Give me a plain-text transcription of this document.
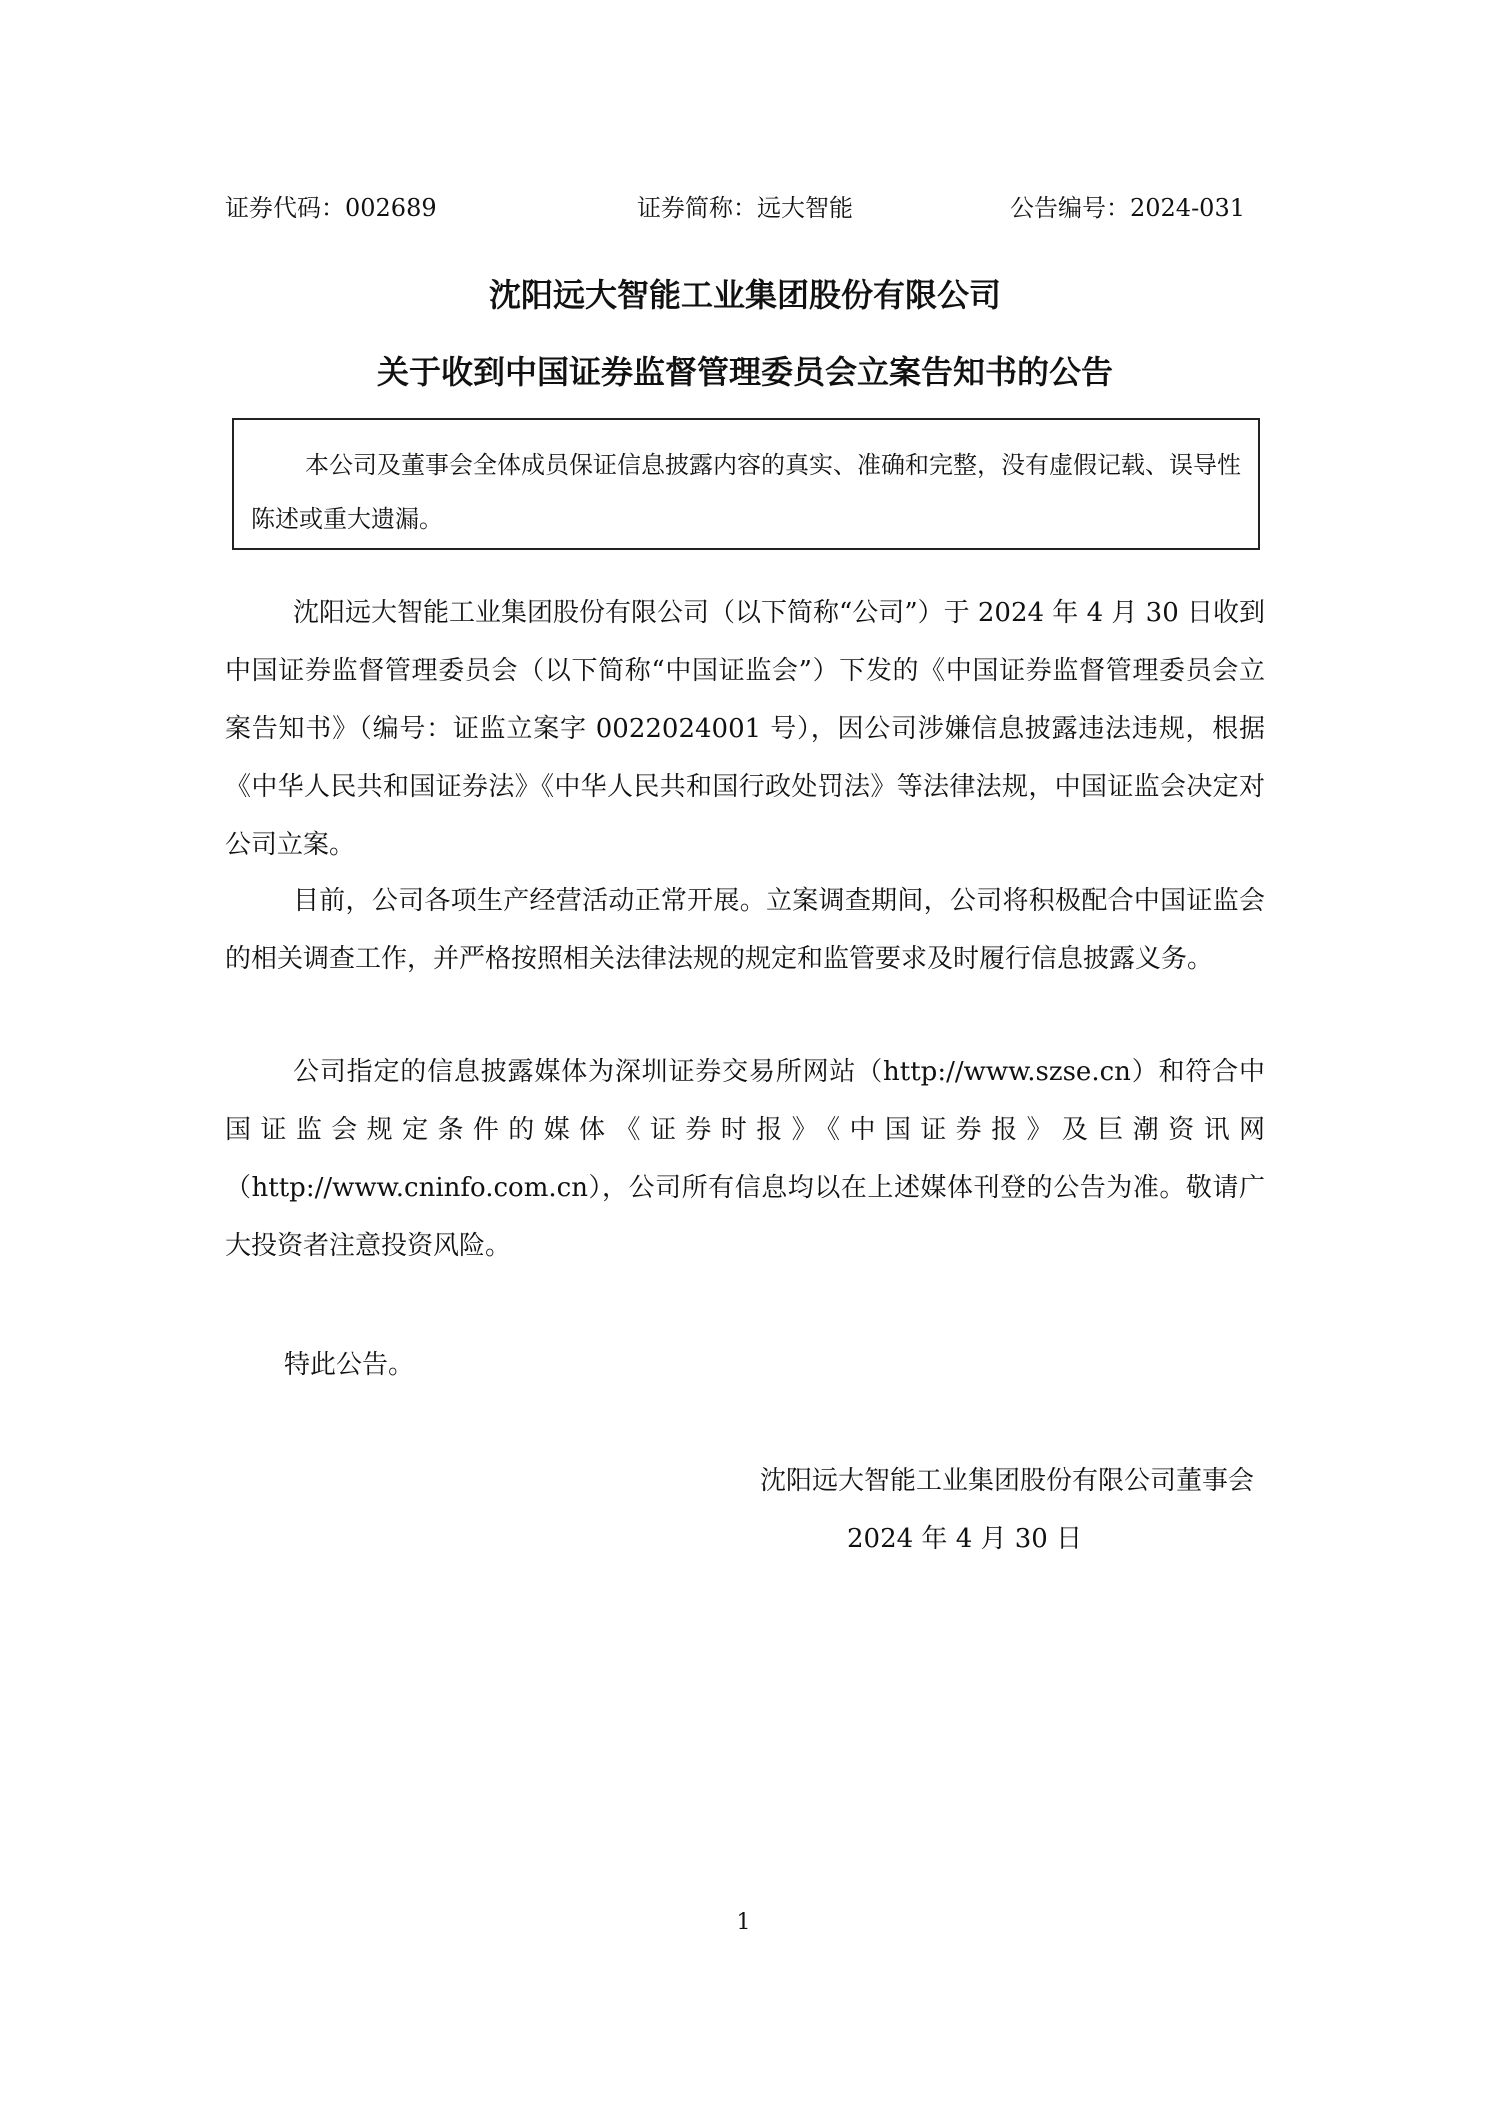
证券代码：002689	证券简称：远大智能	公告编号：2024-031
沈阳远大智能工业集团股份有限公司
关于收到中国证券监督管理委员会立案告知书的公告

本公司及董事会全体成员保证信息披露内容的真实、准确和完整，没有虚假记载、误导性陈述或重大遗漏。

沈阳远大智能工业集团股份有限公司（以下简称“公司”）于 2024 年 4 月 30 日收到中国证券监督管理委员会（以下简称“中国证监会”）下发的《中国证券监督管理委员会立案告知书》（编号：证监立案字 0022024001 号），因公司涉嫌信息披露违法违规，根据《中华人民共和国证券法》《中华人民共和国行政处罚法》等法律法规，中国证监会决定对公司立案。

目前，公司各项生产经营活动正常开展。立案调查期间，公司将积极配合中国证监会的相关调查工作，并严格按照相关法律法规的规定和监管要求及时履行信息披露义务。

公司指定的信息披露媒体为深圳证券交易所网站（http://www.szse.cn）和符合中国证监会规定条件的媒体《证券时报》《中国证券报》及巨潮资讯网（http://www.cninfo.com.cn），公司所有信息均以在上述媒体刊登的公告为准。敬请广大投资者注意投资风险。

特此公告。
沈阳远大智能工业集团股份有限公司董事会
2024 年 4 月 30 日
1
